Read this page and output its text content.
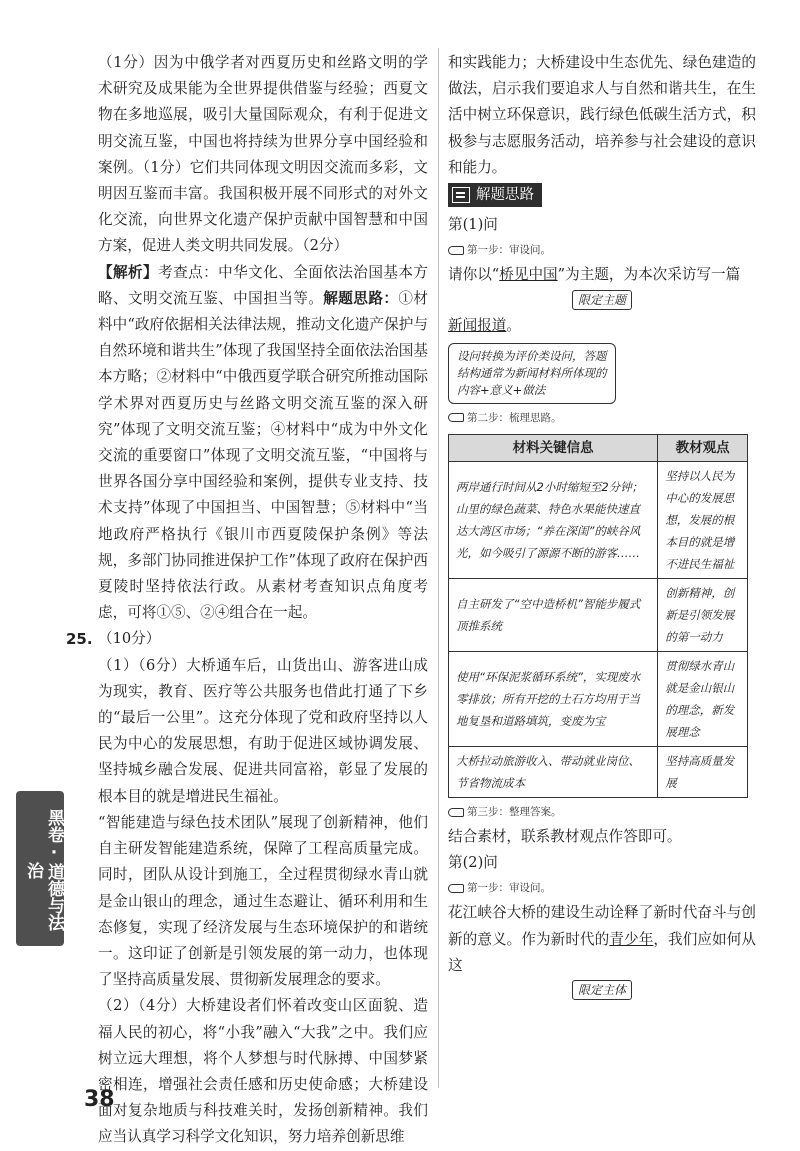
（1分）因为中俄学者对西夏历史和丝路文明的学术研究及成果能为全世界提供借鉴与经验；西夏文物在多地巡展，吸引大量国际观众，有利于促进文明交流互鉴，中国也将持续为世界分享中国经验和案例。（1分）它们共同体现文明因交流而多彩，文明因互鉴而丰富。我国积极开展不同形式的对外文化交流，向世界文化遗产保护贡献中国智慧和中国方案，促进人类文明共同发展。（2分）

【解析】考查点：中华文化、全面依法治国基本方略、文明交流互鉴、中国担当等。解题思路：①材料中“政府依据相关法律法规，推动文化遗产保护与自然环境和谐共生”体现了我国坚持全面依法治国基本方略；②材料中“中俄西夏学联合研究所推动国际学术界对西夏历史与丝路文明交流互鉴的深入研究”体现了文明交流互鉴；④材料中“成为中外文化交流的重要窗口”体现了文明交流互鉴，“中国将与世界各国分享中国经验和案例，提供专业支持、技术支持”体现了中国担当、中国智慧；⑤材料中“当地政府严格执行《银川市西夏陵保护条例》等法规，多部门协同推进保护工作”体现了政府在保护西夏陵时坚持依法行政。从素材考查知识点角度考虑，可将①⑤、②④组合在一起。

25. （10分）

（1）（6分）大桥通车后，山货出山、游客进山成为现实，教育、医疗等公共服务也借此打通了下乡的“最后一公里”。这充分体现了党和政府坚持以人民为中心的发展思想，有助于促进区域协调发展、坚持城乡融合发展、促进共同富裕，彰显了发展的根本目的就是增进民生福祉。

“智能建造与绿色技术团队”展现了创新精神，他们自主研发智能建造系统，保障了工程高质量完成。同时，团队从设计到施工，全过程贯彻绿水青山就是金山银山的理念，通过生态避让、循环利用和生态修复，实现了经济发展与生态环境保护的和谐统一。这印证了创新是引领发展的第一动力，也体现了坚持高质量发展、贯彻新发展理念的要求。

（2）（4分）大桥建设者们怀着改变山区面貌、造福人民的初心，将“小我”融入“大我”之中。我们应树立远大理想，将个人梦想与时代脉搏、中国梦紧密相连，增强社会责任感和历史使命感；大桥建设面对复杂地质与科技难关时，发扬创新精神。我们应当认真学习科学文化知识，努力培养创新思维

和实践能力；大桥建设中生态优先、绿色建造的做法，启示我们要追求人与自然和谐共生，在生活中树立环保意识，践行绿色低碳生活方式，积极参与志愿服务活动，培养参与社会建设的意识和能力。

解题思路

第(1)问

第一步：审设问。

请你以“桥见中国”为主题，为本次采访写一篇

限定主题

新闻报道。

设问转换为评价类设问，答题结构通常为新闻材料所体现的内容+意义+做法

第二步：梳理思路。

材料关键信息	教材观点
两岸通行时间从2小时缩短至2分钟；山里的绿色蔬菜、特色水果能快速直达大湾区市场；“养在深闺”的峡谷风光，如今吸引了源源不断的游客……	坚持以人民为中心的发展思想，发展的根本目的就是增不进民生福祉
自主研发了“空中造桥机”智能步履式顶推系统	创新精神，创新是引领发展的第一动力
使用“环保泥浆循环系统”，实现废水零排放；所有开挖的土石方均用于当地复垦和道路填筑，变废为宝	贯彻绿水青山就是金山银山的理念，新发展理念
大桥拉动旅游收入、带动就业岗位、节省物流成本	坚持高质量发展

第三步：整理答案。

结合素材，联系教材观点作答即可。

第(2)问

第一步：审设问。

花江峡谷大桥的建设生动诠释了新时代奋斗与创新的意义。作为新时代的青少年，我们应如何从这

限定主体

黑卷·道德与法治
38
